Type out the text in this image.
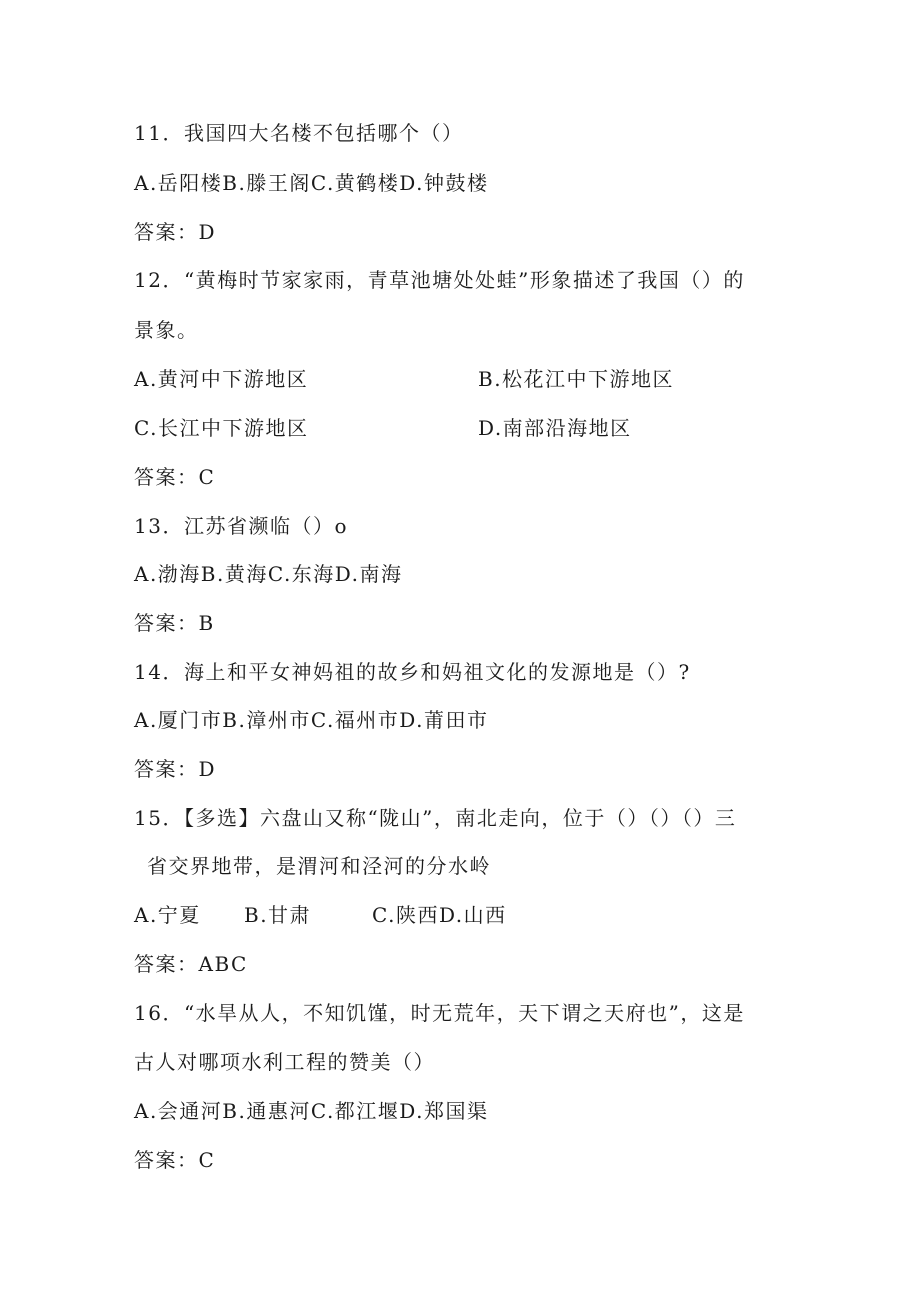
11．我国四大名楼不包括哪个（）
A.岳阳楼B.滕王阁C.黄鹤楼D.钟鼓楼
答案：D
12．“黄梅时节家家雨，青草池塘处处蛙”形象描述了我国（）的
景象。
A.黄河中下游地区	B.松花江中下游地区
C.长江中下游地区	D.南部沿海地区
答案：C
13．江苏省濒临（）o
A.渤海B.黄海C.东海D.南海
答案：B
14．海上和平女神妈祖的故乡和妈祖文化的发源地是（）?
A.厦门市B.漳州市C.福州市D.莆田市
答案：D
15．【多选】六盘山又称“陇山”，南北走向，位于（）（）（）三
省交界地带，是渭河和泾河的分水岭
A.宁夏 B.甘肃	C.陕西D.山西
答案：ABC
16．“水旱从人，不知饥馑，时无荒年，天下谓之天府也”，这是
古人对哪项水利工程的赞美（）
A.会通河B.通惠河C.都江堰D.郑国渠
答案：C
